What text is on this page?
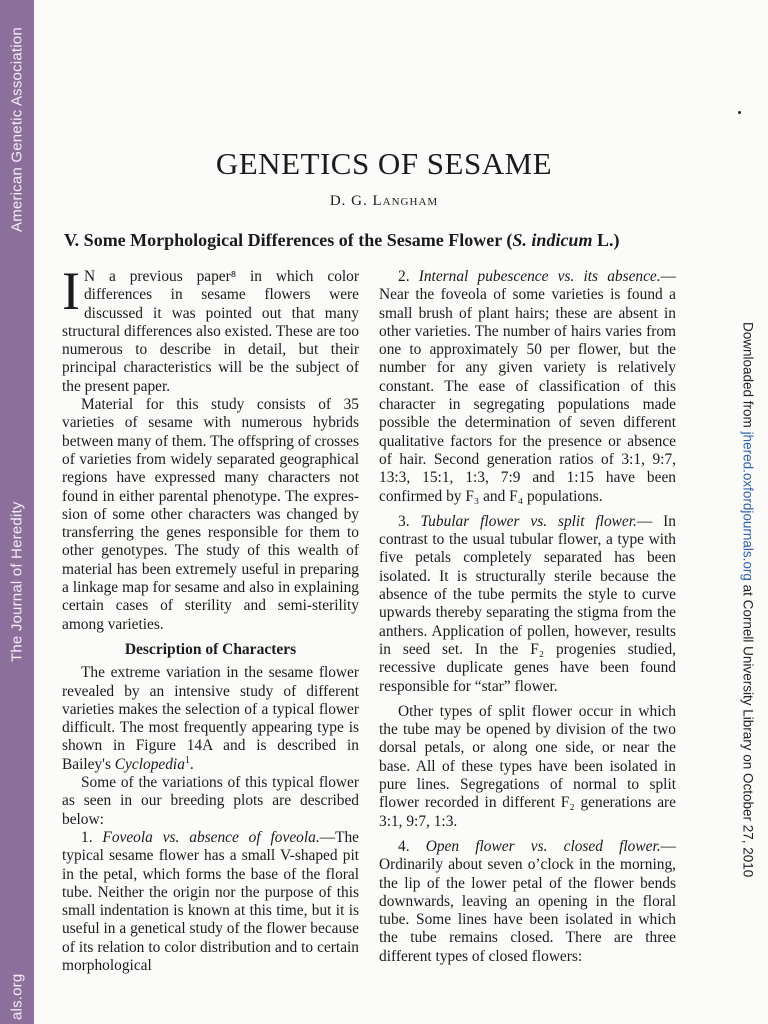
American Genetic Association
The Journal of Heredity
als.org
Downloaded from jhered.oxfordjournals.org at Cornell University Library on October 27, 2010
GENETICS OF SESAME
D. G. Langham
V. Some Morphological Differences of the Sesame Flower (S. indicum L.)

I N a previous paper⁸ in which color differences in sesame flowers were discussed it was pointed out that many structural differences also existed. These are too numerous to describe in detail, but their principal characteristics will be the subject of the present paper.

Material for this study consists of 35 varieties of sesame with numerous hybrids between many of them. The offspring of crosses of varieties from widely separated geographical regions have expressed many characters not found in either parental phenotype. The expression of some other characters was changed by transferring the genes responsible for them to other genotypes. The study of this wealth of material has been extremely useful in preparing a linkage map for sesame and also in explaining certain cases of sterility and semi-sterility among varieties.

Description of Characters

The extreme variation in the sesame flower revealed by an intensive study of different varieties makes the selection of a typical flower difficult. The most frequently appearing type is shown in Figure 14A and is described in Bailey's Cyclopedia$^1$.

Some of the variations of this typical flower as seen in our breeding plots are described below:

1. Foveola vs. absence of foveola.—The typical sesame flower has a small V-shaped pit in the petal, which forms the base of the floral tube. Neither the origin nor the purpose of this small indentation is known at this time, but it is useful in a genetical study of the flower because of its relation to color distribution and to certain morphological

2. Internal pubescence vs. its absence.—Near the foveola of some varieties is found a small brush of plant hairs; these are absent in other varieties. The number of hairs varies from one to approximately 50 per flower, but the number for any given variety is relatively constant. The ease of classification of this character in segregating populations made possible the determination of seven different qualitative factors for the presence or absence of hair. Second generation ratios of 3:1, 9:7, 13:3, 15:1, 1:3, 7:9 and 1:15 have been confirmed by F₃ and F₄ populations.

3. Tubular flower vs. split flower.— In contrast to the usual tubular flower, a type with five petals completely separated has been isolated. It is structurally sterile because the absence of the tube permits the style to curve upwards thereby separating the stigma from the anthers. Application of pollen, however, results in seed set. In the F₂ progenies studied, recessive duplicate genes have been found responsible for “star” flower.

Other types of split flower occur in which the tube may be opened by division of the two dorsal petals, or along one side, or near the base. All of these types have been isolated in pure lines. Segregations of normal to split flower recorded in different F₂ generations are 3:1, 9:7, 1:3.

4. Open flower vs. closed flower.— Ordinarily about seven o’clock in the morning, the lip of the lower petal of the flower bends downwards, leaving an opening in the floral tube. Some lines have been isolated in which the tube remains closed. There are three different types of closed flowers:
